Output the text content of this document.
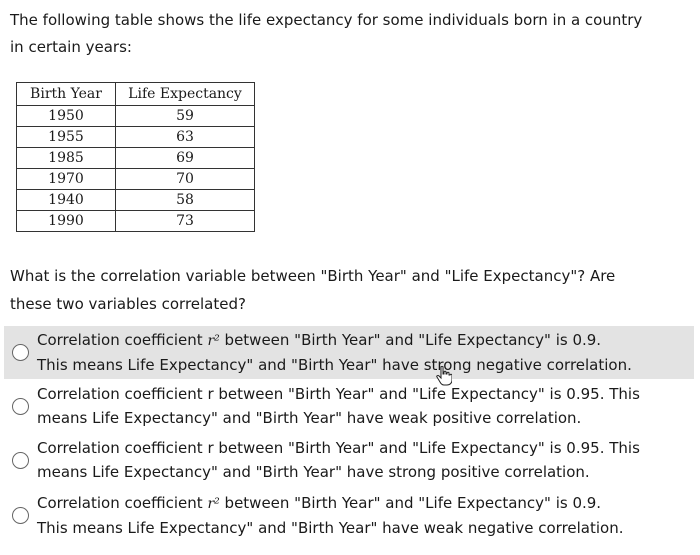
The following table shows the life expectancy for some individuals born in a country in certain years:

Birth Year	Life Expectancy
1950	59
1955	63
1985	69
1970	70
1940	58
1990	73

What is the correlation variable between "Birth Year" and "Life Expectancy"? Are these two variables correlated?

Correlation coefficient r² between "Birth Year" and "Life Expectancy" is 0.9.
This means Life Expectancy" and "Birth Year" have strong negative correlation.
Correlation coefficient r between "Birth Year" and "Life Expectancy" is 0.95. This
means Life Expectancy" and "Birth Year" have weak positive correlation.
Correlation coefficient r between "Birth Year" and "Life Expectancy" is 0.95. This
means Life Expectancy" and "Birth Year" have strong positive correlation.
Correlation coefficient r² between "Birth Year" and "Life Expectancy" is 0.9.
This means Life Expectancy" and "Birth Year" have weak negative correlation.
